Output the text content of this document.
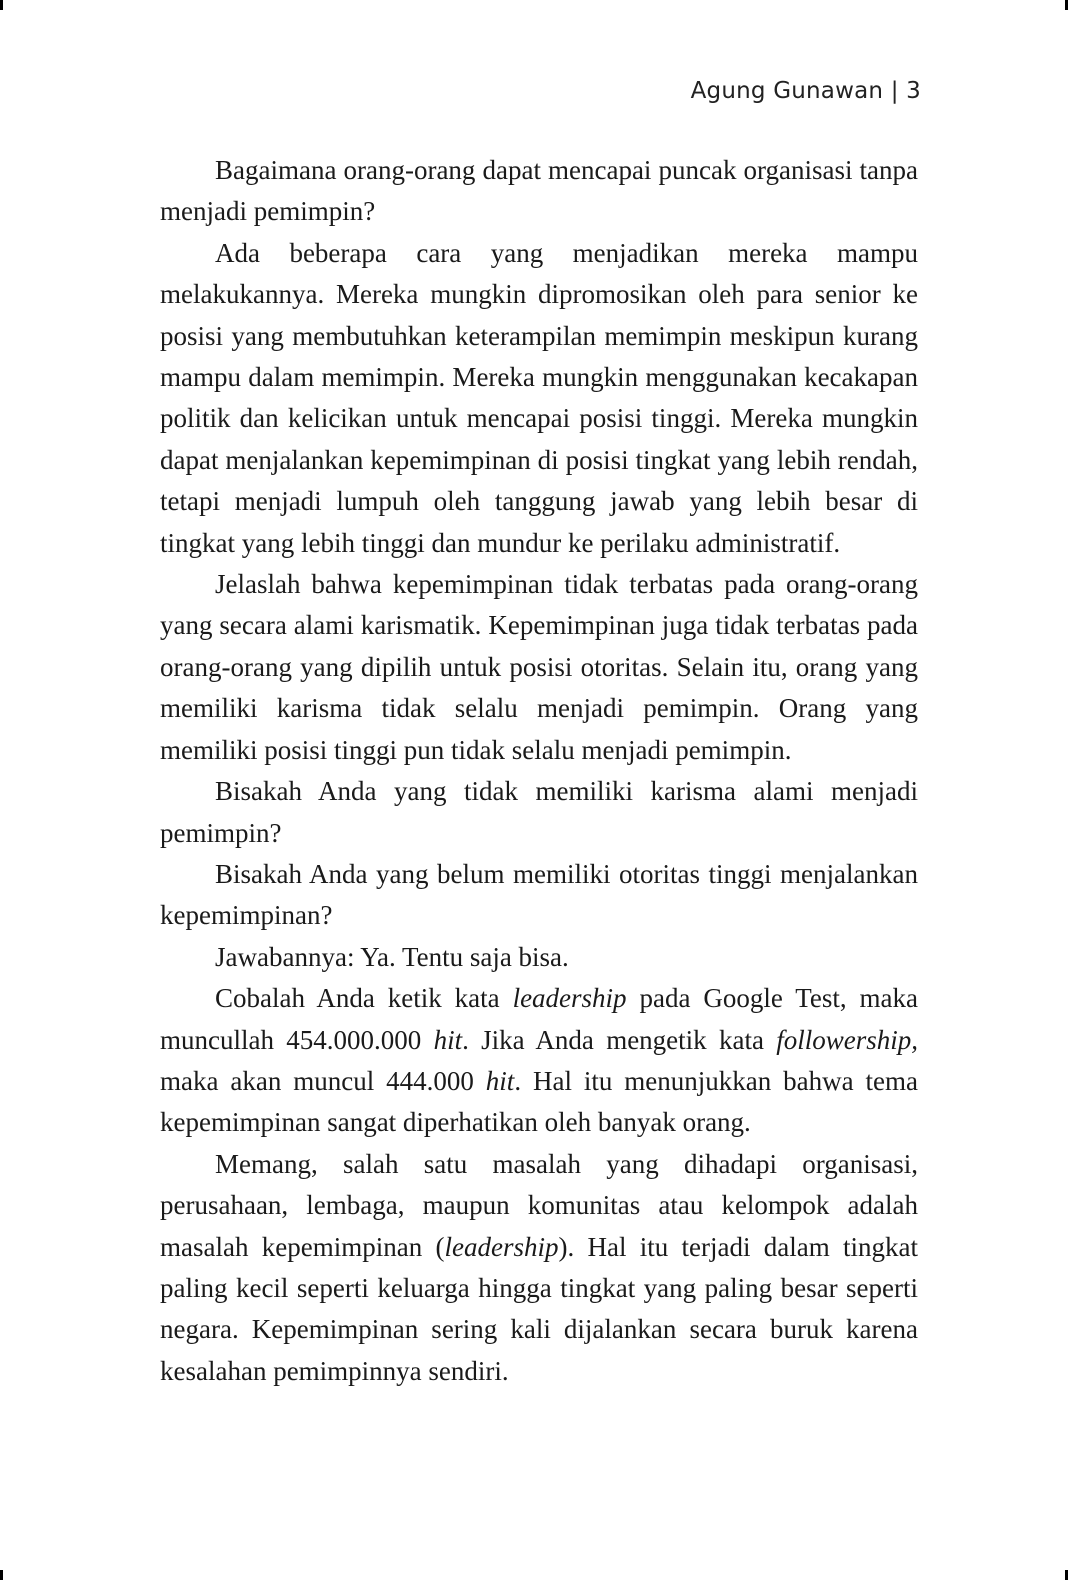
Agung Gunawan | 3

Bagaimana orang-orang dapat mencapai puncak organisasi tanpa menjadi pemimpin?

Ada beberapa cara yang menjadikan mereka mampu melakukannya. Mereka mungkin dipromosikan oleh para senior ke posisi yang membutuhkan keterampilan memimpin meskipun kurang mampu dalam memimpin. Mereka mungkin menggunakan kecakapan politik dan kelicikan untuk mencapai posisi tinggi. Mereka mungkin dapat menjalankan kepemimpinan di posisi tingkat yang lebih rendah, tetapi menjadi lumpuh oleh tanggung jawab yang lebih besar di tingkat yang lebih tinggi dan mundur ke perilaku administratif.

Jelaslah bahwa kepemimpinan tidak terbatas pada orang-orang yang secara alami karismatik. Kepemimpinan juga tidak terbatas pada orang-orang yang dipilih untuk posisi otoritas. Selain itu, orang yang memiliki karisma tidak selalu menjadi pemimpin. Orang yang memiliki posisi tinggi pun tidak selalu menjadi pemimpin.

Bisakah Anda yang tidak memiliki karisma alami menjadi pemimpin?

Bisakah Anda yang belum memiliki otoritas tinggi menjalankan kepemimpinan?

Jawabannya: Ya. Tentu saja bisa.

Cobalah Anda ketik kata leadership pada Google Test, maka muncullah 454.000.000 hit. Jika Anda mengetik kata followership, maka akan muncul 444.000 hit. Hal itu menunjukkan bahwa tema kepemimpinan sangat diperhatikan oleh banyak orang.

Memang, salah satu masalah yang dihadapi organisasi, perusahaan, lembaga, maupun komunitas atau kelompok adalah masalah kepemimpinan (leadership). Hal itu terjadi dalam tingkat paling kecil seperti keluarga hingga tingkat yang paling besar seperti negara. Kepemimpinan sering kali dijalankan secara buruk karena kesalahan pemimpinnya sendiri.
